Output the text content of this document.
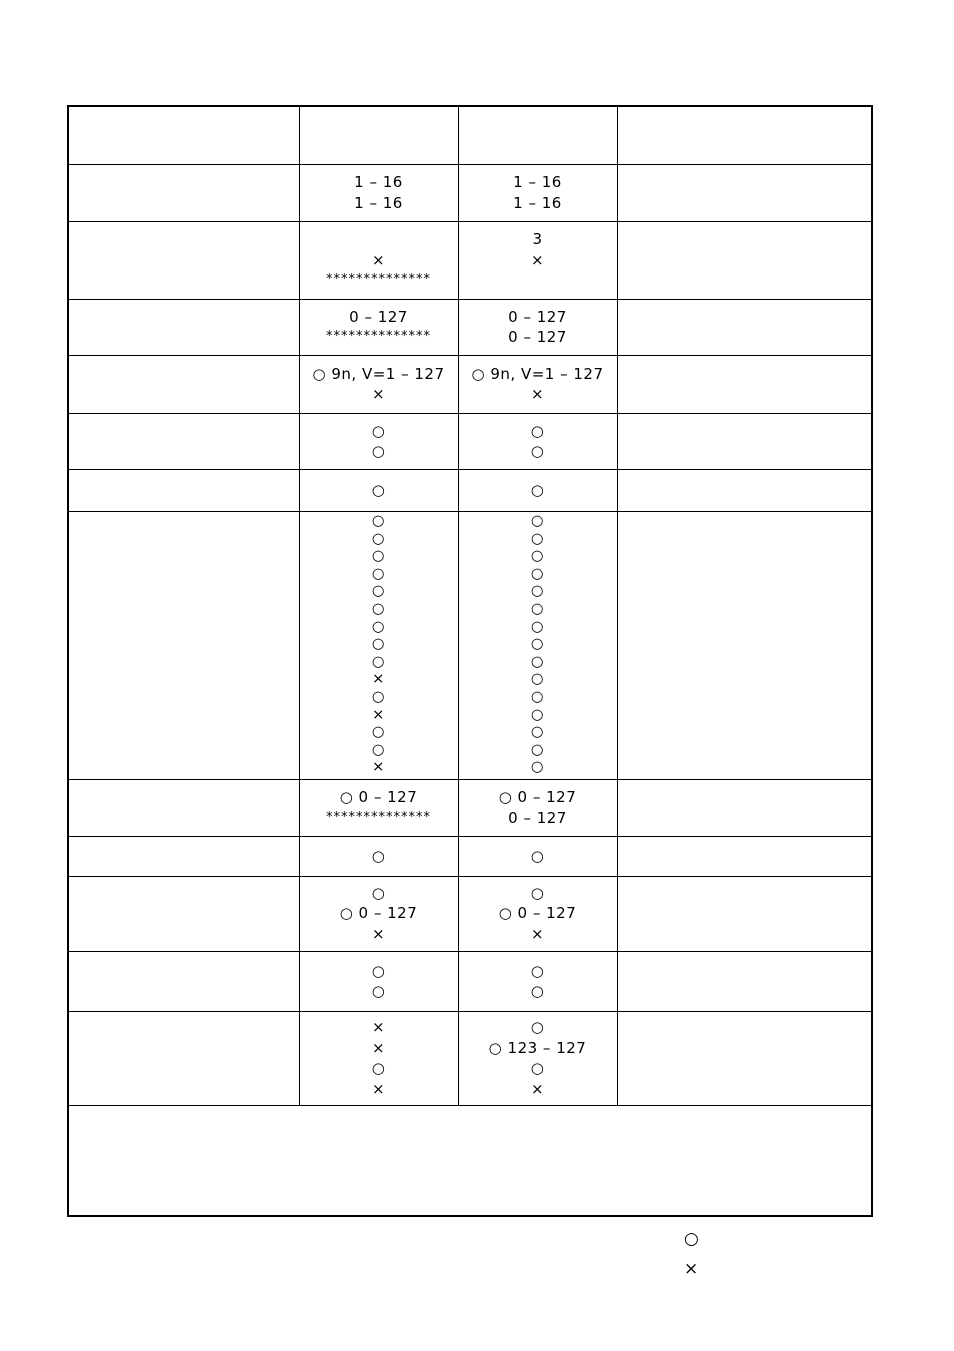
1 – 16
1 – 16
1 – 16
1 – 16
×
**************
3
×
0 – 127
**************
0 – 127
0 – 127
○ 9n, V=1 – 127
×
○ 9n, V=1 – 127
×
○
○
○
○
○	○
○
○
○
○
○
○
○
○
○
×
○
×
○
○
×
○
○
○
○
○
○
○
○
○
○
○
○
○
○
○
○ 0 – 127
**************
○ 0 – 127
0 – 127
○	○
○
○ 0 – 127
×
○
○ 0 – 127
×
○
○
○
○
×
×
○
×
○
○ 123 – 127
○
×
○
×
